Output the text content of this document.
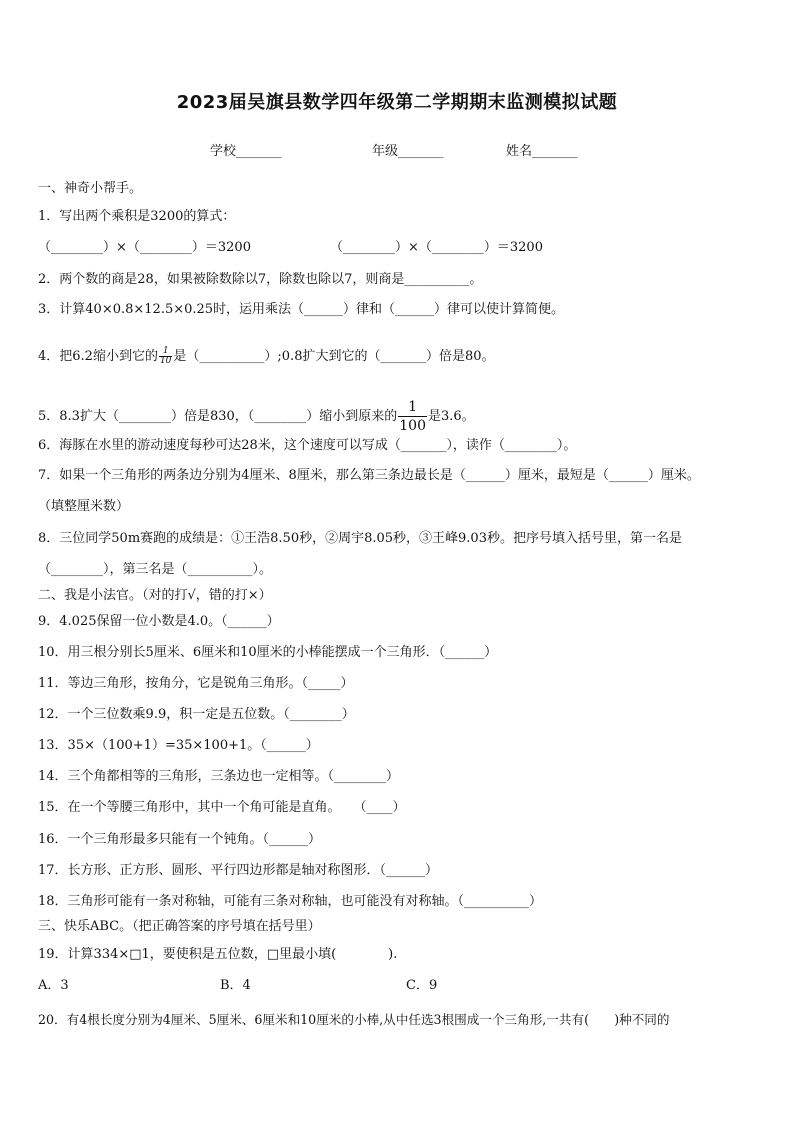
2023届吴旗县数学四年级第二学期期末监测模拟试题
学校_______	年级_______	姓名_______
一、神奇小帮手。
1．写出两个乘积是3200的算式：
（________）×（________）＝3200	（________）×（________）＝3200
2．两个数的商是28，如果被除数除以7，除数也除以7，则商是__________。
3．计算40×0.8×12.5×0.25时，运用乘法（______）律和（______）律可以使计算简便。
4．把6.2缩小到它的 $\frac{1}{10}$ 是（__________）;0.8扩大到它的（_______）倍是80。
5．8.3扩大（________）倍是830，（________）缩小到原来的 $\frac{1}{100}$ 是3.6。
6．海豚在水里的游动速度每秒可达28米，这个速度可以写成（_______），读作（________）。
7．如果一个三角形的两条边分别为4厘米、8厘米，那么第三条边最长是（______）厘米，最短是（______）厘米。
（填整厘米数）
8．三位同学50m赛跑的成绩是：①王浩8.50秒，②周宇8.05秒，③王峰9.03秒。把序号填入括号里，第一名是
（________），第三名是（__________）。
二、我是小法官。（对的打√，错的打×）
9．4.025保留一位小数是4.0。（______）
10．用三根分别长5厘米、6厘米和10厘米的小棒能摆成一个三角形．（______）
11．等边三角形，按角分，它是锐角三角形。（_____）
12．一个三位数乘9.9，积一定是五位数。（________）
13．35×（100+1）=35×100+1。（______）
14．三个角都相等的三角形，三条边也一定相等。（________）
15．在一个等腰三角形中，其中一个角可能是直角。　　（____）
16．一个三角形最多只能有一个钝角。（______）
17．长方形、正方形、圆形、平行四边形都是轴对称图形．（______）
18．三角形可能有一条对称轴，可能有三条对称轴，也可能没有对称轴。（__________）
三、快乐ABC。（把正确答案的序号填在括号里）
19．计算334×□1，要使积是五位数，□里最小填(　　　　).
A．3	B．4	C．9
20．有4根长度分别为4厘米、5厘米、6厘米和10厘米的小棒,从中任选3根围成一个三角形,一共有(　　)种不同的
